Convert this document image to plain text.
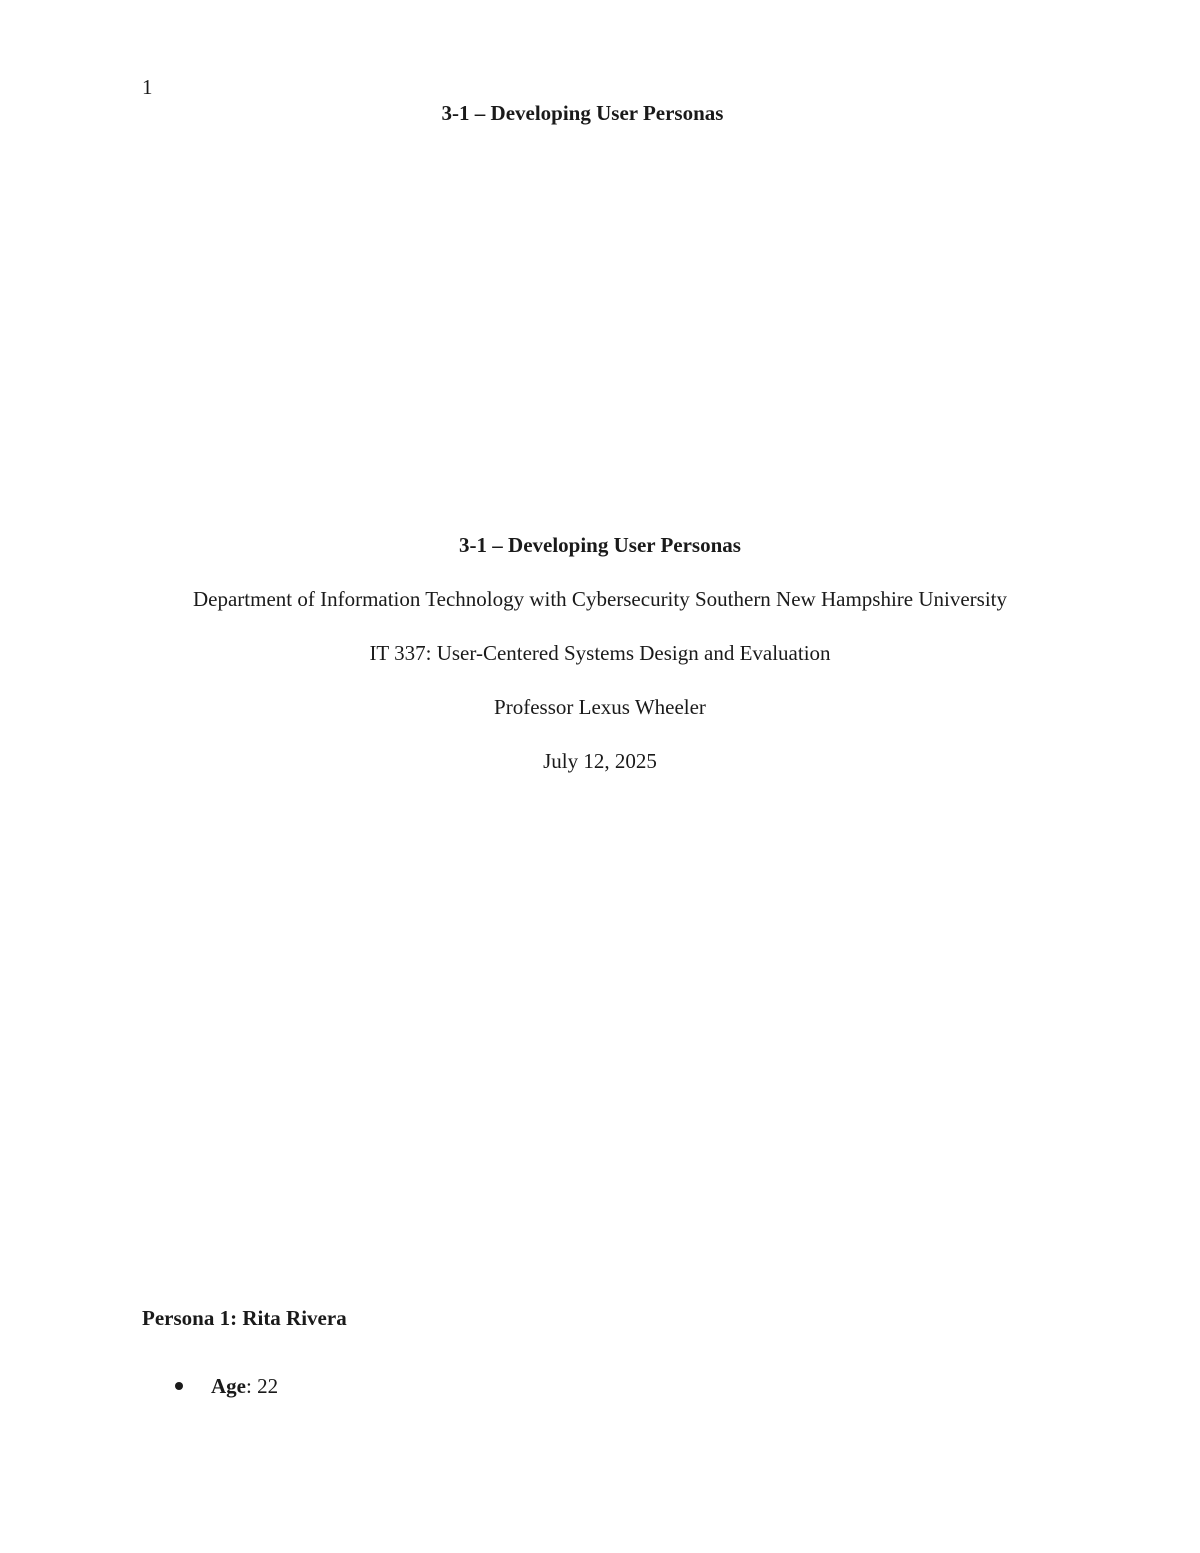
1
3-1 – Developing User Personas
3-1 – Developing User Personas
Department of Information Technology with Cybersecurity Southern New Hampshire University
IT 337: User-Centered Systems Design and Evaluation
Professor Lexus Wheeler
July 12, 2025
Persona 1: Rita Rivera
Age: 22
